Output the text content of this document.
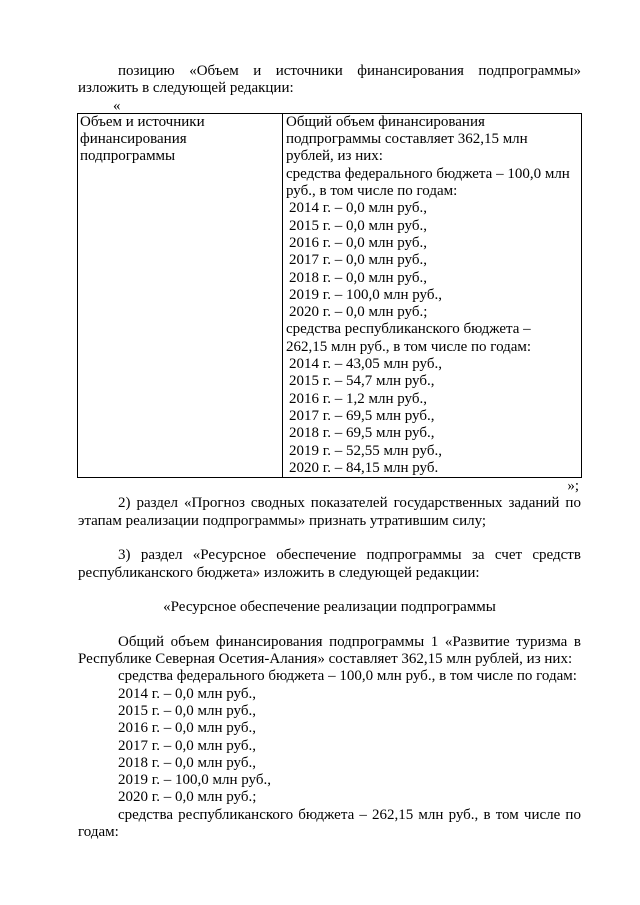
позицию «Объем и источники финансирования подпрограммы»
изложить в следующей редакции:
«
Объем и источники
финансирования
подпрограммы
Общий объем финансирования
подпрограммы составляет 362,15 млн
рублей, из них:
средства федерального бюджета – 100,0 млн
руб., в том числе по годам:
2014 г. – 0,0 млн руб.,
2015 г. – 0,0 млн руб.,
2016 г. – 0,0 млн руб.,
2017 г. – 0,0 млн руб.,
2018 г. – 0,0 млн руб.,
2019 г. – 100,0 млн руб.,
2020 г. – 0,0 млн руб.;
средства республиканского бюджета –
262,15 млн руб., в том числе по годам:
2014 г. – 43,05 млн руб.,
2015 г. – 54,7 млн руб.,
2016 г. – 1,2 млн руб.,
2017 г. – 69,5 млн руб.,
2018 г. – 69,5 млн руб.,
2019 г. – 52,55 млн руб.,
2020 г. – 84,15 млн руб.
»;
2) раздел «Прогноз сводных показателей государственных заданий по
этапам реализации подпрограммы» признать утратившим силу;
3) раздел «Ресурсное обеспечение подпрограммы за счет средств
республиканского бюджета» изложить в следующей редакции:
«Ресурсное обеспечение реализации подпрограммы
Общий объем финансирования подпрограммы 1 «Развитие туризма в
Республике Северная Осетия-Алания» составляет 362,15 млн рублей, из них:
средства федерального бюджета – 100,0 млн руб., в том числе по годам:
2014 г. – 0,0 млн руб.,
2015 г. – 0,0 млн руб.,
2016 г. – 0,0 млн руб.,
2017 г. – 0,0 млн руб.,
2018 г. – 0,0 млн руб.,
2019 г. – 100,0 млн руб.,
2020 г. – 0,0 млн руб.;
средства республиканского бюджета – 262,15 млн руб., в том числе по
годам:
